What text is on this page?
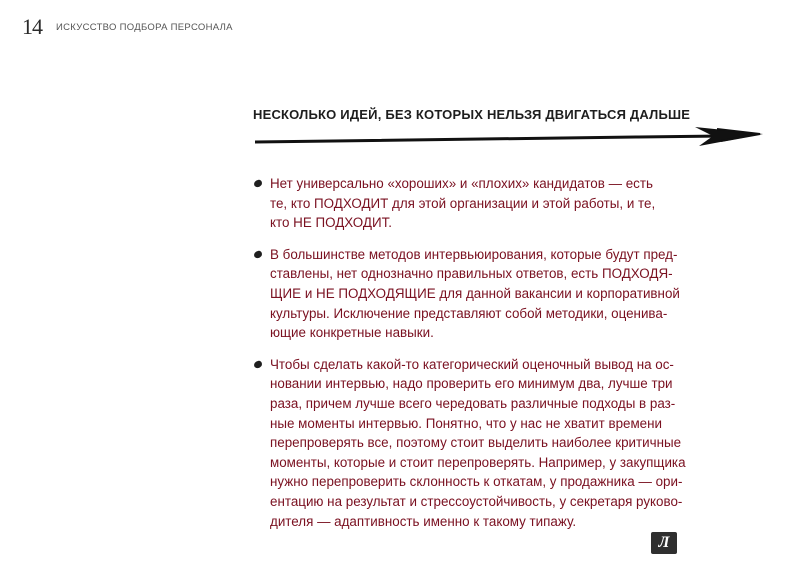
14 ИСКУССТВО ПОДБОРА ПЕРСОНАЛА
НЕСКОЛЬКО ИДЕЙ, БЕЗ КОТОРЫХ НЕЛЬЗЯ ДВИГАТЬСЯ ДАЛЬШЕ
Нет универсально «хороших» и «плохих» кандидатов — есть
те, кто ПОДХОДИТ для этой организации и этой работы, и те,
кто НЕ ПОДХОДИТ.
В большинстве методов интервьюирования, которые будут пред-
ставлены, нет однозначно правильных ответов, есть ПОДХОДЯ-
ЩИЕ и НЕ ПОДХОДЯЩИЕ для данной вакансии и корпоративной
культуры. Исключение представляют собой методики, оценива-
ющие конкретные навыки.
Чтобы сделать какой-то категорический оценочный вывод на ос-
новании интервью, надо проверить его минимум два, лучше три
раза, причем лучше всего чередовать различные подходы в раз-
ные моменты интервью. Понятно, что у нас не хватит времени
перепроверять все, поэтому стоит выделить наиболее критичные
моменты, которые и стоит перепроверять. Например, у закупщика
нужно перепроверить склонность к откатам, у продажника — ори-
ентацию на результат и стрессоустойчивость, у секретаря руково-
дителя — адаптивность именно к такому типажу.
Л
